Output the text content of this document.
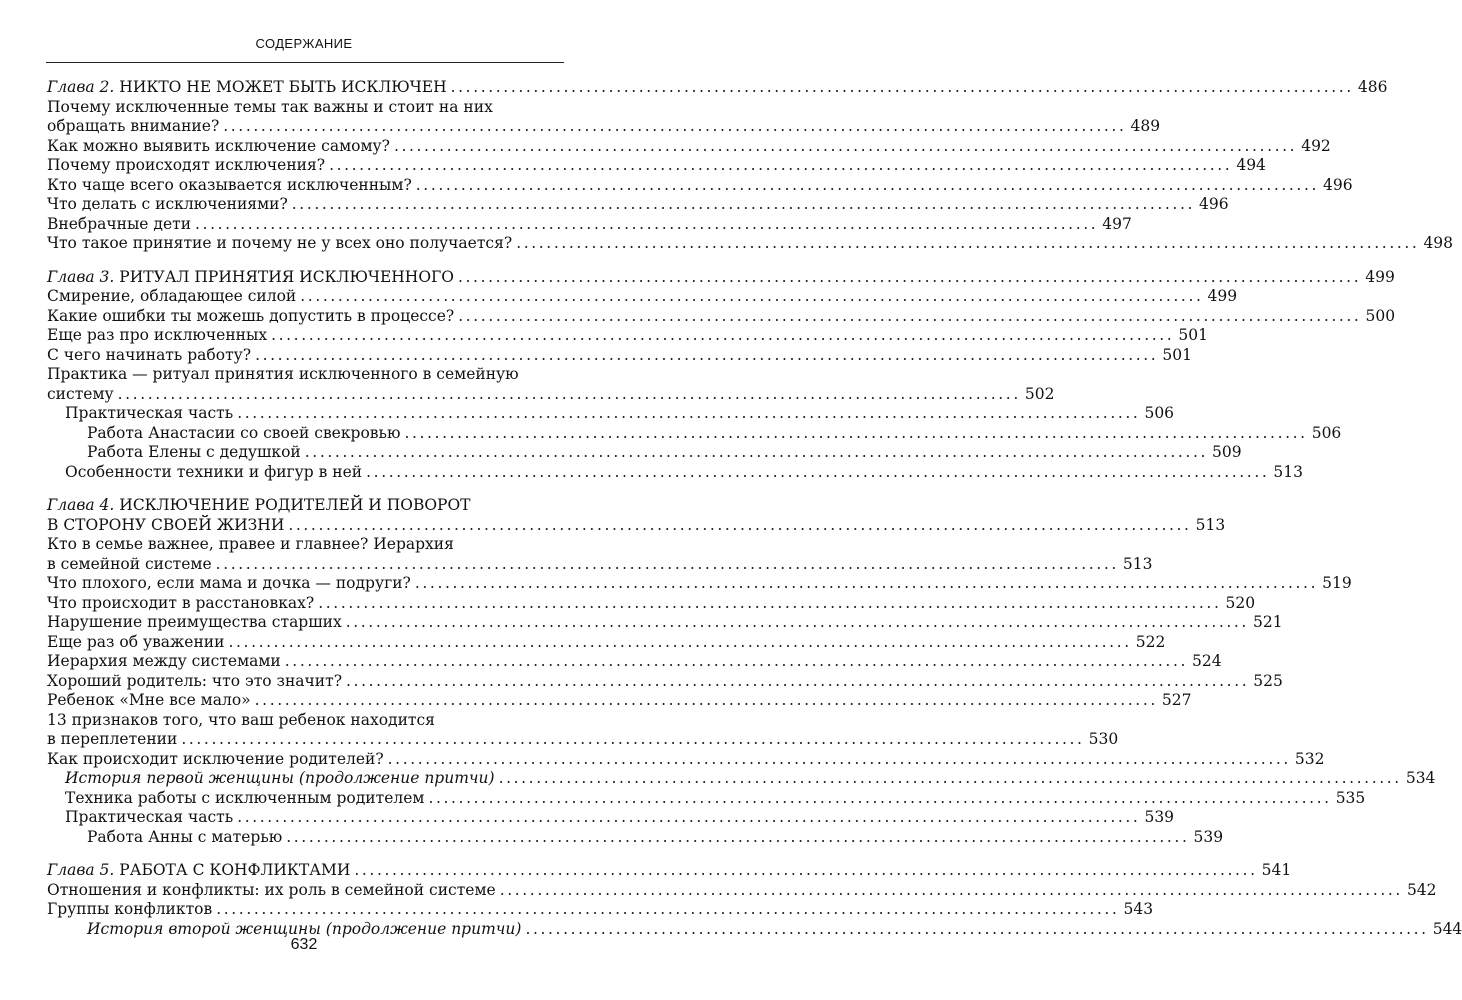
СОДЕРЖАНИЕ
Глава 2. НИКТО НЕ МОЖЕТ БЫТЬ ИСКЛЮЧЕН ........................................................................................................................ 486
Почему исключенные темы так важны и стоит на них
обращать внимание? ........................................................................................................................ 489
Как можно выявить исключение самому? ........................................................................................................................ 492
Почему происходят исключения? ........................................................................................................................ 494
Кто чаще всего оказывается исключенным? ........................................................................................................................ 496
Что делать с исключениями? ........................................................................................................................ 496
Внебрачные дети ........................................................................................................................ 497
Что такое принятие и почему не у всех оно получается? ........................................................................................................................ 498
Глава 3. РИТУАЛ ПРИНЯТИЯ ИСКЛЮЧЕННОГО ........................................................................................................................ 499
Смирение, обладающее силой ........................................................................................................................ 499
Какие ошибки ты можешь допустить в процессе? ........................................................................................................................ 500
Еще раз про исключенных ........................................................................................................................ 501
С чего начинать работу? ........................................................................................................................ 501
Практика — ритуал принятия исключенного в семейную
систему ........................................................................................................................ 502
Практическая часть ........................................................................................................................ 506
Работа Анастасии со своей свекровью ........................................................................................................................ 506
Работа Елены с дедушкой ........................................................................................................................ 509
Особенности техники и фигур в ней ........................................................................................................................ 513
Глава 4. ИСКЛЮЧЕНИЕ РОДИТЕЛЕЙ И ПОВОРОТ
В СТОРОНУ СВОЕЙ ЖИЗНИ ........................................................................................................................ 513
Кто в семье важнее, правее и главнее? Иерархия
в семейной системе ........................................................................................................................ 513
Что плохого, если мама и дочка — подруги? ........................................................................................................................ 519
Что происходит в расстановках? ........................................................................................................................ 520
Нарушение преимущества старших ........................................................................................................................ 521
Еще раз об уважении ........................................................................................................................ 522
Иерархия между системами ........................................................................................................................ 524
Хороший родитель: что это значит? ........................................................................................................................ 525
Ребенок «Мне все мало» ........................................................................................................................ 527
13 признаков того, что ваш ребенок находится
в переплетении ........................................................................................................................ 530
Как происходит исключение родителей? ........................................................................................................................ 532
История первой женщины (продолжение притчи) ........................................................................................................................ 534
Техника работы с исключенным родителем ........................................................................................................................ 535
Практическая часть ........................................................................................................................ 539
Работа Анны с матерью ........................................................................................................................ 539
Глава 5. РАБОТА С КОНФЛИКТАМИ ........................................................................................................................ 541
Отношения и конфликты: их роль в семейной системе ........................................................................................................................ 542
Группы конфликтов ........................................................................................................................ 543
История второй женщины (продолжение притчи) ........................................................................................................................ 544
632
